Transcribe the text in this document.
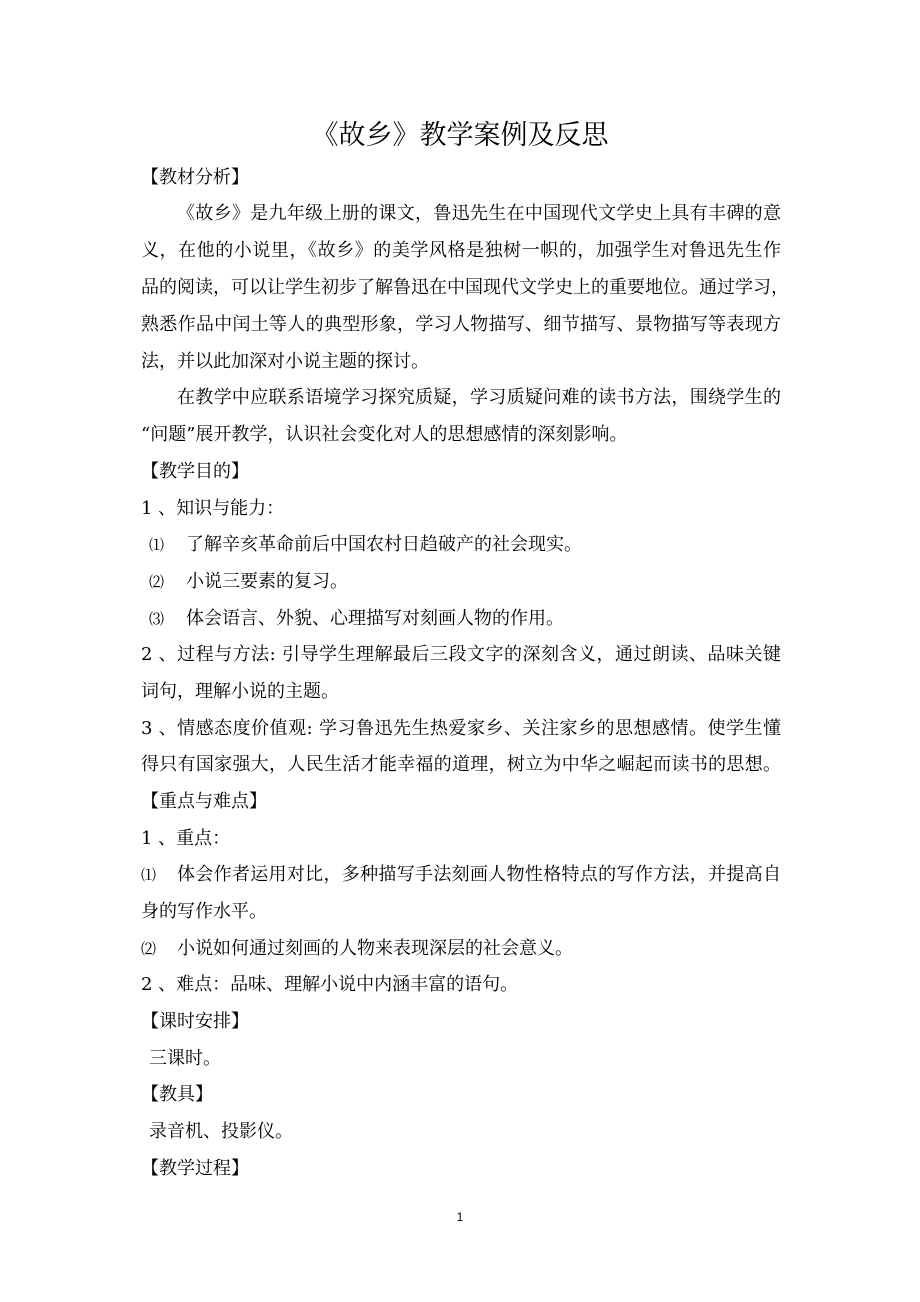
《故乡》教学案例及反思
【教材分析】
《故乡》是九年级上册的课文，鲁迅先生在中国现代文学史上具有丰碑的意
义，在他的小说里，《故乡》的美学风格是独树一帜的，加强学生对鲁迅先生作
品的阅读，可以让学生初步了解鲁迅在中国现代文学史上的重要地位。通过学习，
熟悉作品中闰土等人的典型形象，学习人物描写、细节描写、景物描写等表现方
法，并以此加深对小说主题的探讨。
在教学中应联系语境学习探究质疑，学习质疑问难的读书方法，围绕学生的
“问题”展开教学，认识社会变化对人的思想感情的深刻影响。
【教学目的】
1 、知识与能力：
⑴ 了解辛亥革命前后中国农村日趋破产的社会现实。
⑵ 小说三要素的复习。
⑶ 体会语言、外貌、心理描写对刻画人物的作用。
2 、过程与方法: 引导学生理解最后三段文字的深刻含义，通过朗读、品味关键
词句，理解小说的主题。
3 、情感态度价值观: 学习鲁迅先生热爱家乡、关注家乡的思想感情。使学生懂
得只有国家强大，人民生活才能幸福的道理，树立为中华之崛起而读书的思想。
【重点与难点】
1 、重点：
⑴ 体会作者运用对比，多种描写手法刻画人物性格特点的写作方法，并提高自
身的写作水平。
⑵ 小说如何通过刻画的人物来表现深层的社会意义。
2 、难点：品味、理解小说中内涵丰富的语句。
【课时安排】
三课时。
【教具】
录音机、投影仪。
【教学过程】
1
